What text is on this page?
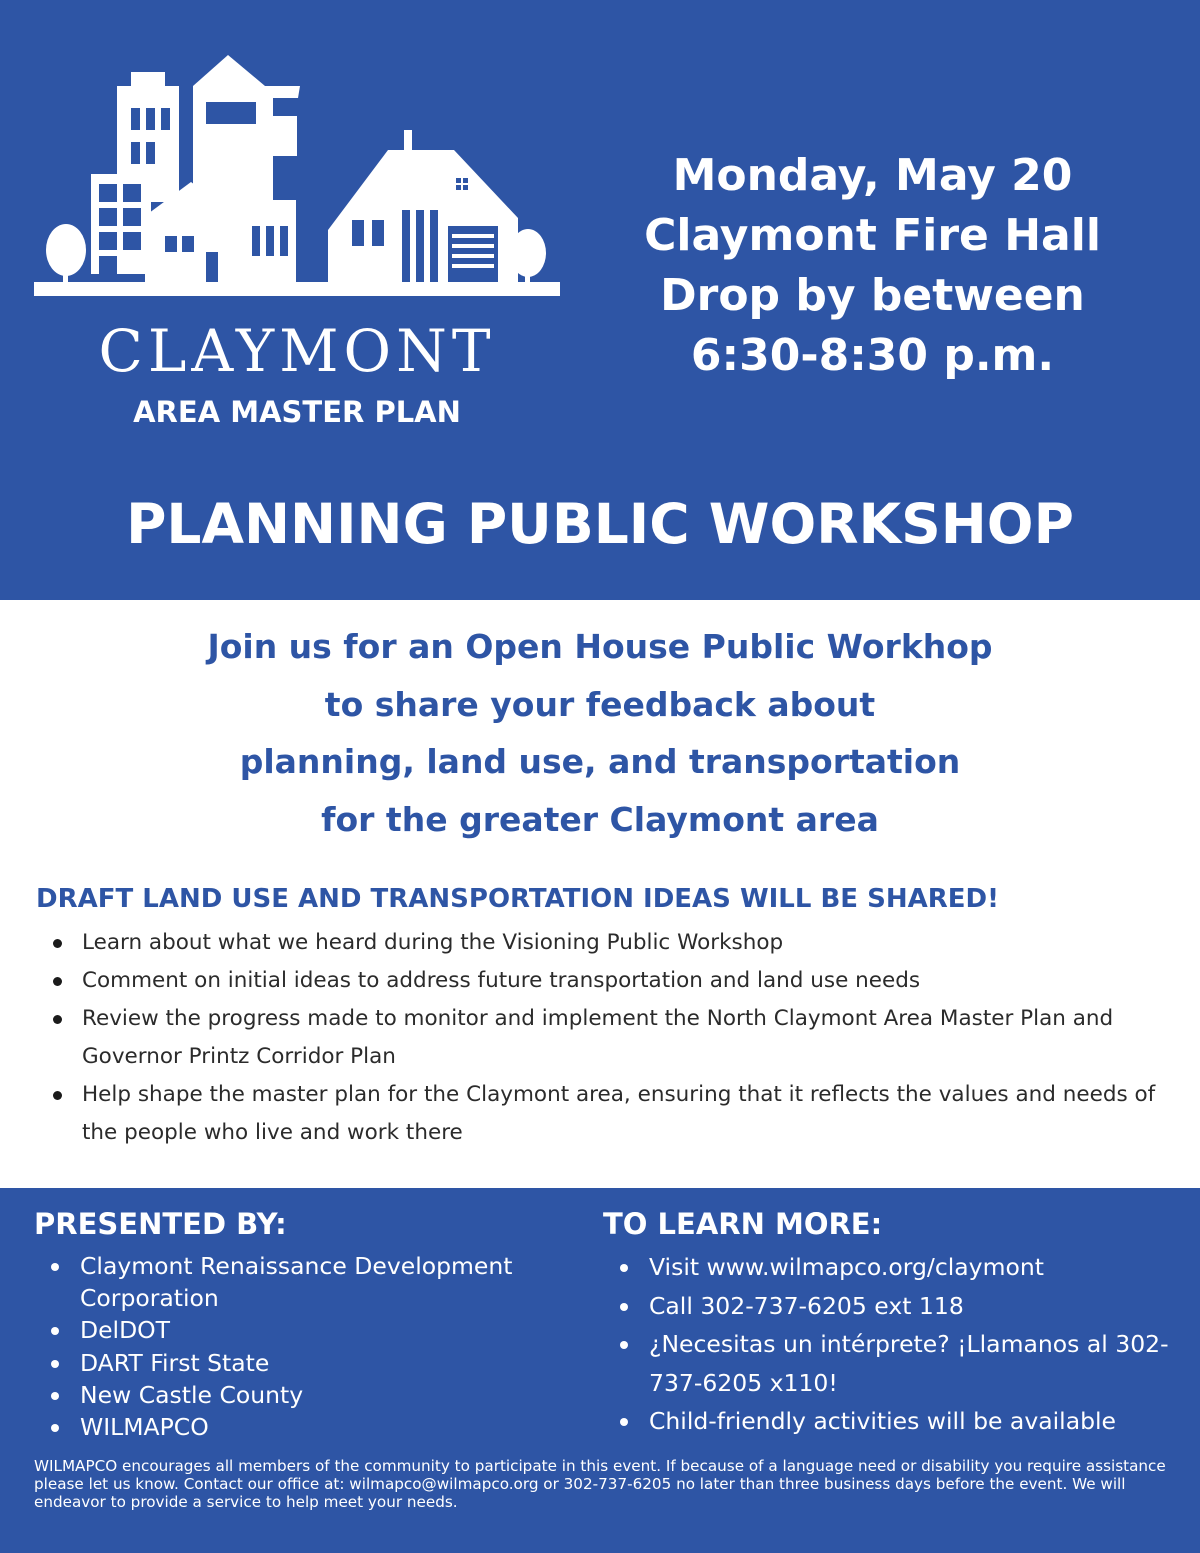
CLAYMONT
AREA MASTER PLAN
Monday, May 20
Claymont Fire Hall
Drop by between
6:30-8:30 p.m.
PLANNING PUBLIC WORKSHOP
Join us for an Open House Public Workhop
to share your feedback about
planning, land use, and transportation
for the greater Claymont area
DRAFT LAND USE AND TRANSPORTATION IDEAS WILL BE SHARED!
Learn about what we heard during the Visioning Public Workshop
Comment on initial ideas to address future transportation and land use needs
Review the progress made to monitor and implement the North Claymont Area Master Plan and Governor Printz Corridor Plan
Help shape the master plan for the Claymont area, ensuring that it reflects the values and needs of the people who live and work there
PRESENTED BY:
Claymont Renaissance Development Corporation
DelDOT
DART First State
New Castle County
WILMAPCO
TO LEARN MORE:
Visit www.wilmapco.org/claymont
Call 302-737-6205 ext 118
¿Necesitas un intérprete? ¡Llamanos al 302-737-6205 x110!
Child-friendly activities will be available
WILMAPCO encourages all members of the community to participate in this event. If because of a language need or disability you require assistance please let us know. Contact our office at: wilmapco@wilmapco.org or 302-737-6205 no later than three business days before the event. We will endeavor to provide a service to help meet your needs.
